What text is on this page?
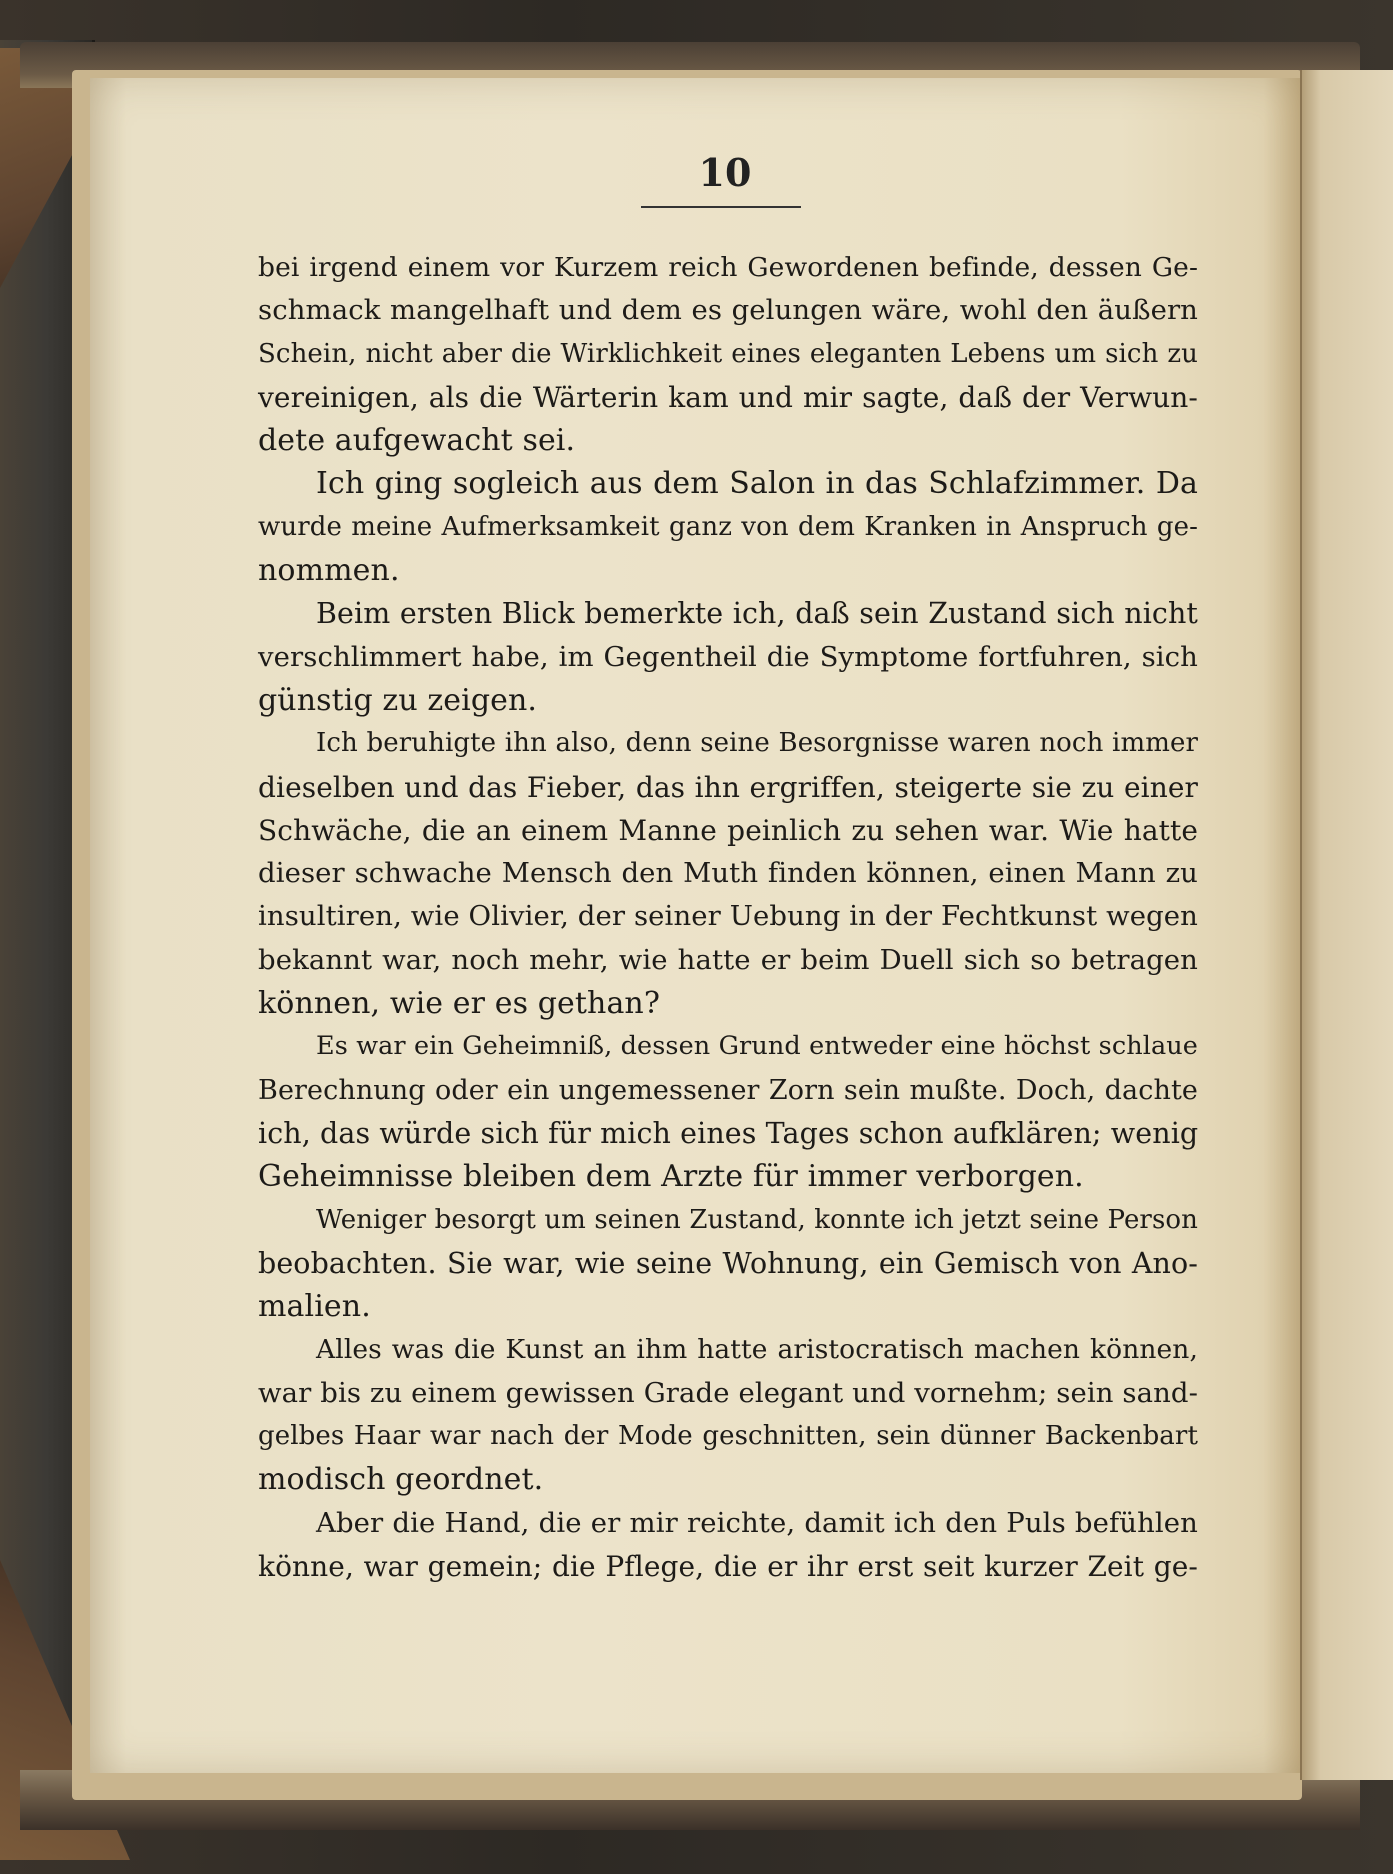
10
bei irgend einem vor Kurzem reich Gewordenen befinde, dessen Ge-
schmack mangelhaft und dem es gelungen wäre, wohl den äußern
Schein, nicht aber die Wirklichkeit eines eleganten Lebens um sich zu
vereinigen, als die Wärterin kam und mir sagte, daß der Verwun-
dete aufgewacht sei.
Ich ging sogleich aus dem Salon in das Schlafzimmer. Da
wurde meine Aufmerksamkeit ganz von dem Kranken in Anspruch ge-
nommen.
Beim ersten Blick bemerkte ich, daß sein Zustand sich nicht
verschlimmert habe, im Gegentheil die Symptome fortfuhren, sich
günstig zu zeigen.
Ich beruhigte ihn also, denn seine Besorgnisse waren noch immer
dieselben und das Fieber, das ihn ergriffen, steigerte sie zu einer
Schwäche, die an einem Manne peinlich zu sehen war. Wie hatte
dieser schwache Mensch den Muth finden können, einen Mann zu
insultiren, wie Olivier, der seiner Uebung in der Fechtkunst wegen
bekannt war, noch mehr, wie hatte er beim Duell sich so betragen
können, wie er es gethan?
Es war ein Geheimniß, dessen Grund entweder eine höchst schlaue
Berechnung oder ein ungemessener Zorn sein mußte. Doch, dachte
ich, das würde sich für mich eines Tages schon aufklären; wenig
Geheimnisse bleiben dem Arzte für immer verborgen.
Weniger besorgt um seinen Zustand, konnte ich jetzt seine Person
beobachten. Sie war, wie seine Wohnung, ein Gemisch von Ano-
malien.
Alles was die Kunst an ihm hatte aristocratisch machen können,
war bis zu einem gewissen Grade elegant und vornehm; sein sand-
gelbes Haar war nach der Mode geschnitten, sein dünner Backenbart
modisch geordnet.
Aber die Hand, die er mir reichte, damit ich den Puls befühlen
könne, war gemein; die Pflege, die er ihr erst seit kurzer Zeit ge-
